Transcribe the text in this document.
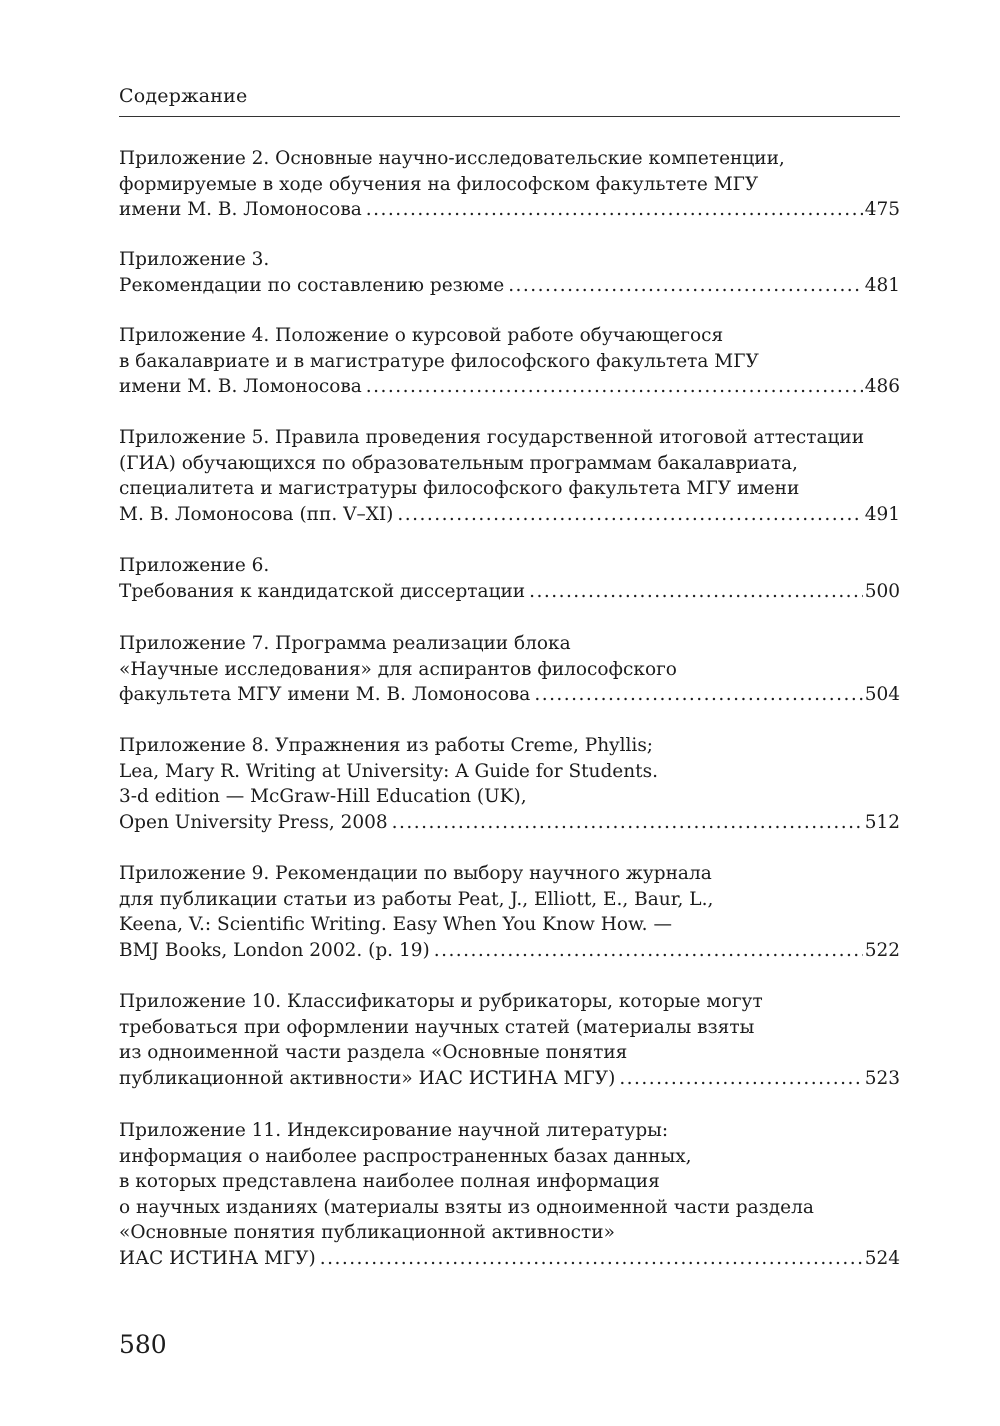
Содержание
Приложение 2. Основные научно-исследовательские компетенции,
формируемые в ходе обучения на философском факультете МГУ
имени М. В. Ломоносова . . .	475
Приложение 3.
Рекомендации по составлению резюме . . .	481
Приложение 4. Положение о курсовой работе обучающегося
в бакалавриате и в магистратуре философского факультета МГУ
имени М. В. Ломоносова . . .	486
Приложение 5. Правила проведения государственной итоговой аттестации
(ГИА) обучающихся по образовательным программам бакалавриата,
специалитета и магистратуры философского факультета МГУ имени
М. В. Ломоносова (пп. V–XI) . . .	491
Приложение 6.
Требования к кандидатской диссертации . . .	500
Приложение 7. Программа реализации блока
«Научные исследования» для аспирантов философского
факультета МГУ имени М. В. Ломоносова . . .	504
Приложение 8. Упражнения из работы Creme, Phyllis;
Lea, Mary R. Writing at University: A Guide for Students.
3-d edition — McGraw-Hill Education (UK),
Open University Press, 2008 . . .	512
Приложение 9. Рекомендации по выбору научного журнала
для публикации статьи из работы Peat, J., Elliott, E., Baur, L.,
Keena, V.: Scientific Writing. Easy When You Know How. —
BMJ Books, London 2002. (p. 19) . . .	522
Приложение 10. Классификаторы и рубрикаторы, которые могут
требоваться при оформлении научных статей (материалы взяты
из одноименной части раздела «Основные понятия
публикационной активности» ИАС ИСТИНА МГУ) . . .	523
Приложение 11. Индексирование научной литературы:
информация о наиболее распространенных базах данных,
в которых представлена наиболее полная информация
о научных изданиях (материалы взяты из одноименной части раздела
«Основные понятия публикационной активности»
ИАС ИСТИНА МГУ) . . .	524
580
